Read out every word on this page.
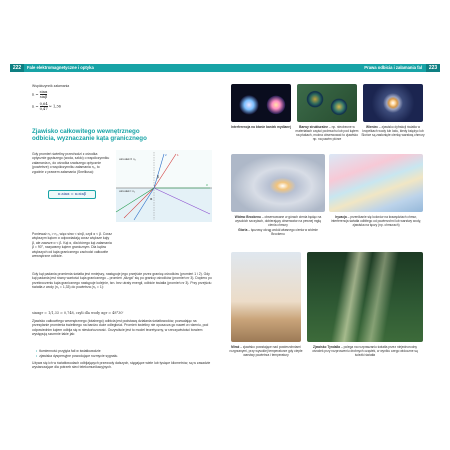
222	Fale elektromagnetyczne i optyka
Współczynnik załamania
$n = \frac{\sin\alpha}{\sin\beta}$
$n = \frac{0,64}{0,47} \approx 1,36$
Zjawisko całkowitego wewnętrznego odbicia, wyznaczanie kąta granicznego
Gdy promień świetlny przechodzi z ośrodka optycznie gęstszego (woda, szkło) o współczynniku załamania n₁ do ośrodka rzadszego optycznie (powietrze) o współczynniku załamania n₂, to zgodnie z prawem załamania (Snelliusa):
n₁sinα = n₂sinβ
ośrodek I n₁
ośrodek II n₂
α
β
1
2
3
Ponieważ n₁ > n₂, więc sinα < sinβ, czyli α < β. Coraz większym kątom α odpowiadają coraz większe kąty β, ale zawsze α < β. Kąt α, dla którego kąt załamania β = 90°, nazywamy kątem granicznym. Dla kątów większych od kąta granicznego zachodzi całkowite wewnętrzne odbicie.
Gdy kąt padania promienia światła jest mniejszy, następuje jego przejście przez granicę ośrodków (promień 1 i 2). Gdy kąt padania jest równy wartości kąta granicznego – promień „ślizga" się po granicy ośrodków (promień nr 3). Dopiero po przekroczeniu kąta granicznego następuje kolejnie, tzn. bez utraty energii, odbicie światła (promień nr 3). Przy przejściu światła z wody (n₁ = 1,33) do powietrza (n₂ = 1):
sinαgr = 1/1,33 ≈ 0,748, czyli dla wody αgr ≈ 48°30'
Zjawisko całkowitego wewnętrznego (totalnego) odbicia jest podstawą działania światłowodów, pozwalając na przesyłanie promienia świetlnego na bardzo duże odległości. Promień świetlny nie opuszcza go nawet w rdzeniu, pod odpowiednim kątem odbija się w nieskończoność. Oczywiście jest to model teoretyczny, w rzeczywistości bowiem występują szumnie takie jak:
• tłumienność przyjęta fali w światłowodzie
• zjawiska dyspersyjne powodujące rozmycie sygnału.
Używa się ich w światłowodach odbijających przewody dalszych, sięgające wiele lub tysiące kilometrów, są w zasadzie wystarczające dla potrzeb sieci telekomunikacyjnych.
Prawa odbicia i załamania fal	223
Interferencja na błonie baniek mydlanej	Barwy strukturalne – np. nieobecne w materiałach części podmuchu lub pod kątem na ptakach, można obserwować to zjawisko np. na pawim piórze
Wieniec – zjawisko dyfrakcji światła w kropelkach wody lub lodu, kiedy księżyc lub Słońce są zasłonięte cienkę warstwą chmury
Widmo Brockenu – obserwowane w górach cienia będąc na wysokich szczytach, dobierający obserwator na pewnej mgłą cienia chmury
Gloria – tęczowy okrąg wokół własnego cienia w widmie Brockenu
Iryzacja – przenikanie się kolorów na krawędziach chmur, interferencja światła odbitego od powierzchni lub warstwy wody, zjawiska na tęczy (np. chmurach)
Miraż – zjawisko powstające nad powierzchniami rozgrzanymi, przy wysokiej temperaturze gdy ciepłe warstwy powietrza i temperatury
Zjawisko Tyndalla – polega na rozpraszaniu światła przez niejednorodny ośrodek przy rozproszeniu drobnych cząstek, w wyniku czego widoczne są ścieżki światła
